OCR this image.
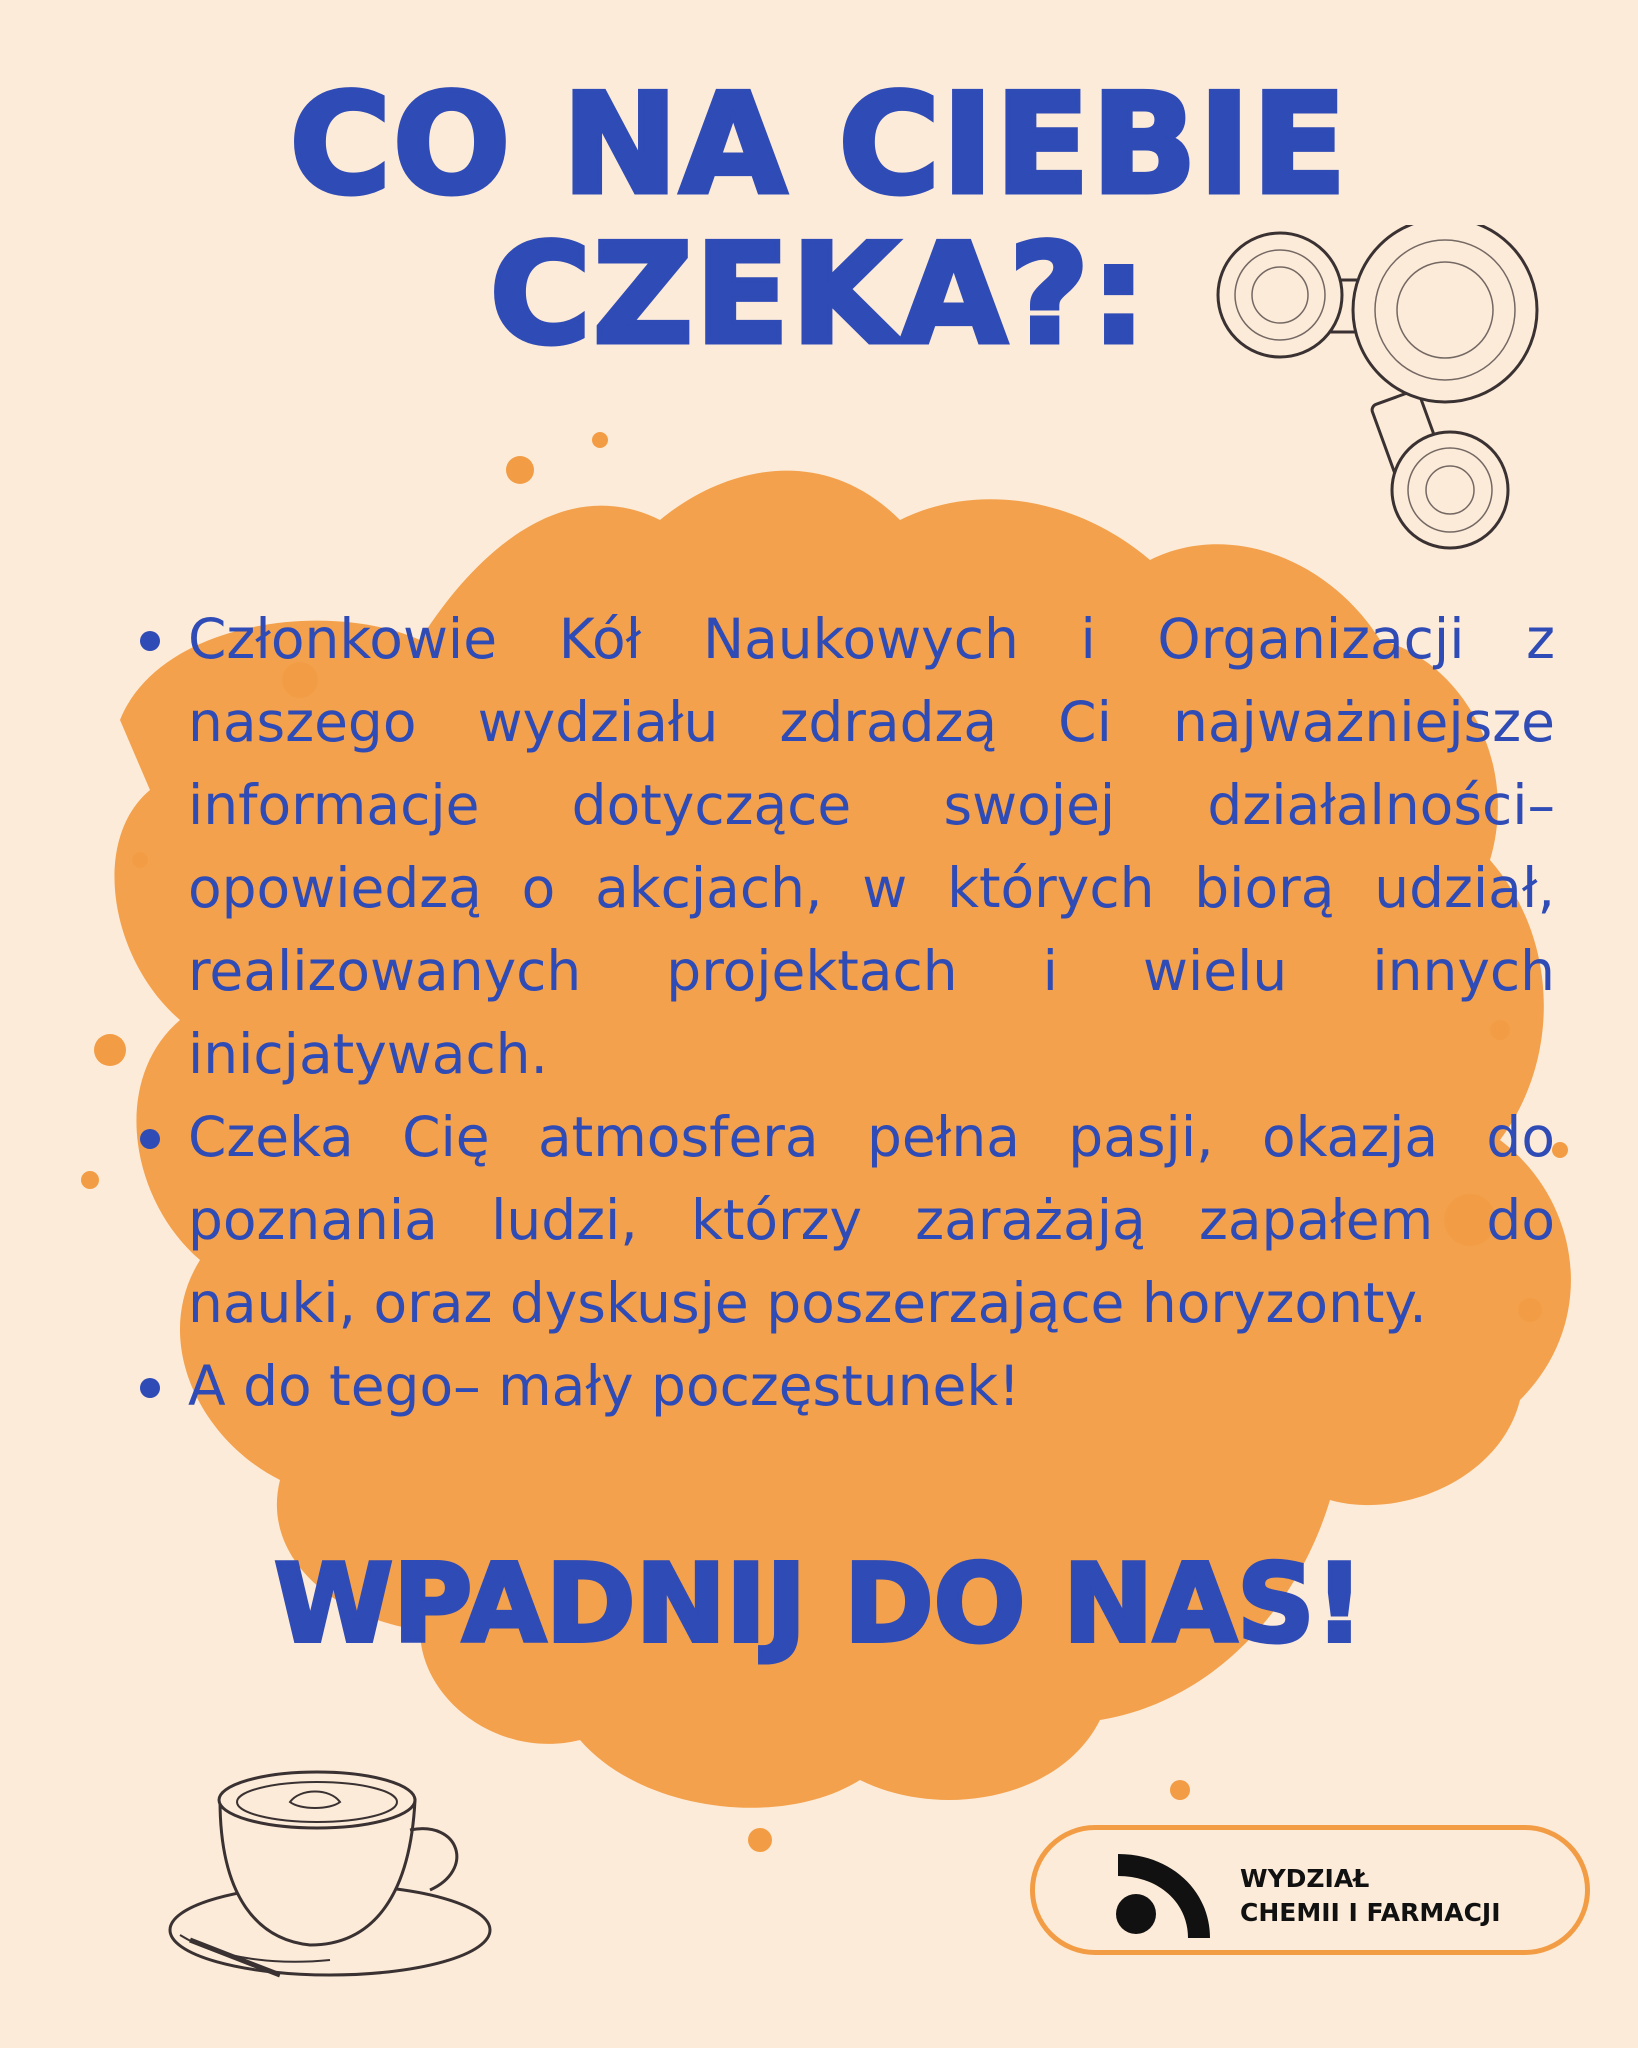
CO NA CIEBIE
CZEKA?:
Członkowie Kół Naukowych i Organizacji z naszego wydziału zdradzą Ci najważniejsze informacje dotyczące swojej działalności– opowiedzą o akcjach, w których biorą udział, realizowanych projektach i wielu innych inicjatywach.
Czeka Cię atmosfera pełna pasji, okazja do poznania ludzi, którzy zarażają zapałem do nauki, oraz dyskusje poszerzające horyzonty.
A do tego– mały poczęstunek!
WPADNIJ DO NAS!
WYDZIAŁ
CHEMII I FARMACJI
